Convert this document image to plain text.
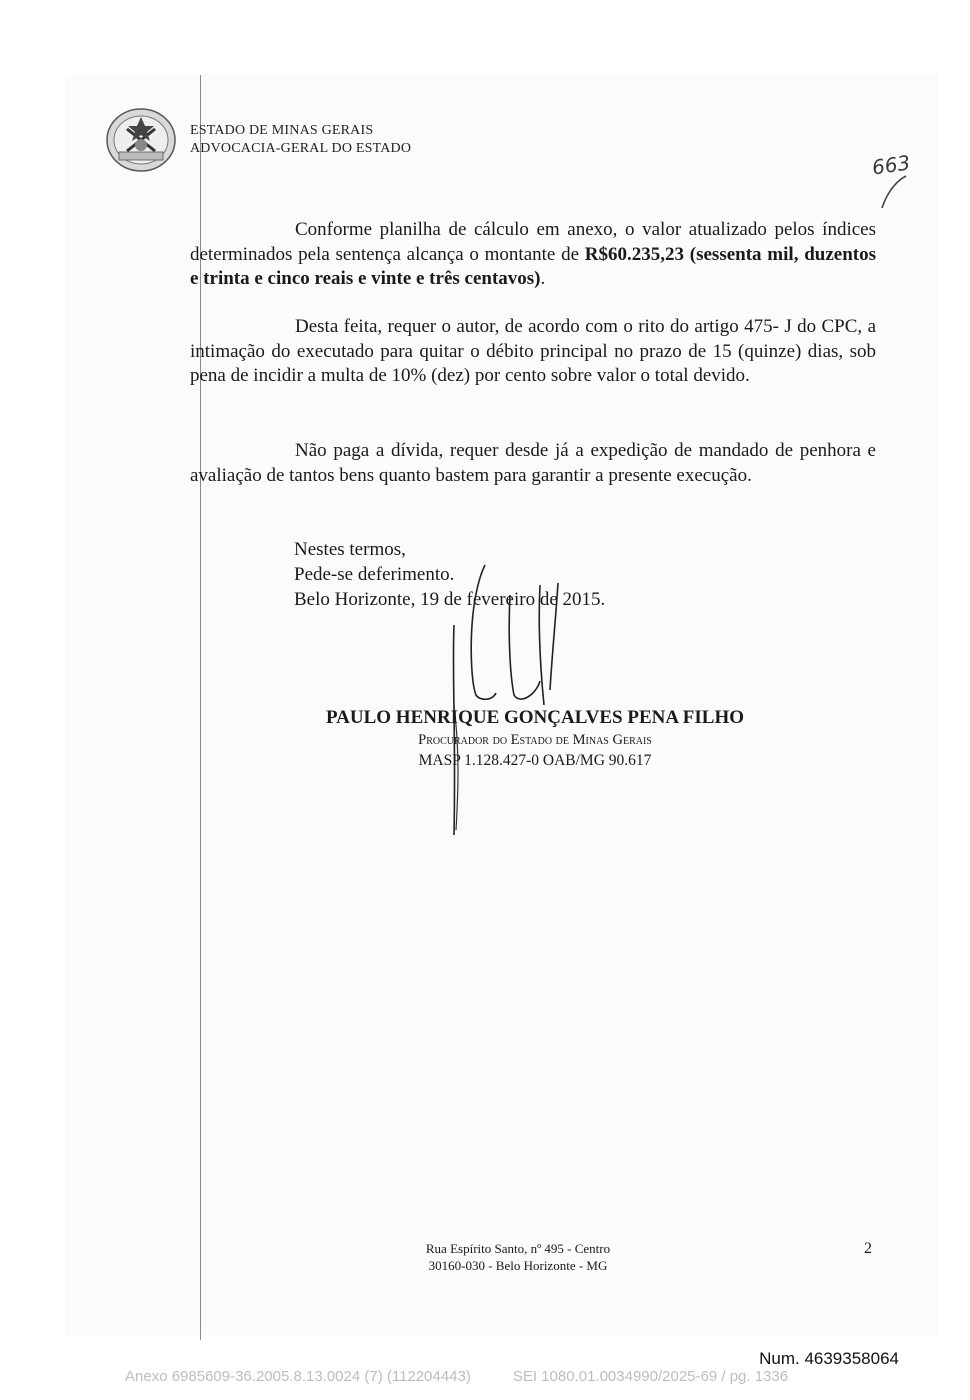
ESTADO DE MINAS GERAIS
ADVOCACIA-GERAL DO ESTADO
663
Conforme planilha de cálculo em anexo, o valor atualizado pelos índices determinados pela sentença alcança o montante de R$60.235,23 (sessenta mil, duzentos e trinta e cinco reais e vinte e três centavos).
Desta feita, requer o autor, de acordo com o rito do artigo 475- J do CPC, a intimação do executado para quitar o débito principal no prazo de 15 (quinze) dias, sob pena de incidir a multa de 10% (dez) por cento sobre valor o total devido.
Não paga a dívida, requer desde já a expedição de mandado de penhora e avaliação de tantos bens quanto bastem para garantir a presente execução.
Nestes termos,
Pede-se deferimento.
Belo Horizonte, 19 de fevereiro de 2015.
PAULO HENRIQUE GONÇALVES PENA FILHO
Procurador do Estado de Minas Gerais
MASP 1.128.427-0 OAB/MG 90.617
Rua Espírito Santo, nº 495 - Centro
30160-030 - Belo Horizonte - MG
2
Num. 4639358064
Anexo 6985609-36.2005.8.13.0024 (7) (112204443)	SEI 1080.01.0034990/2025-69 / pg. 1336
